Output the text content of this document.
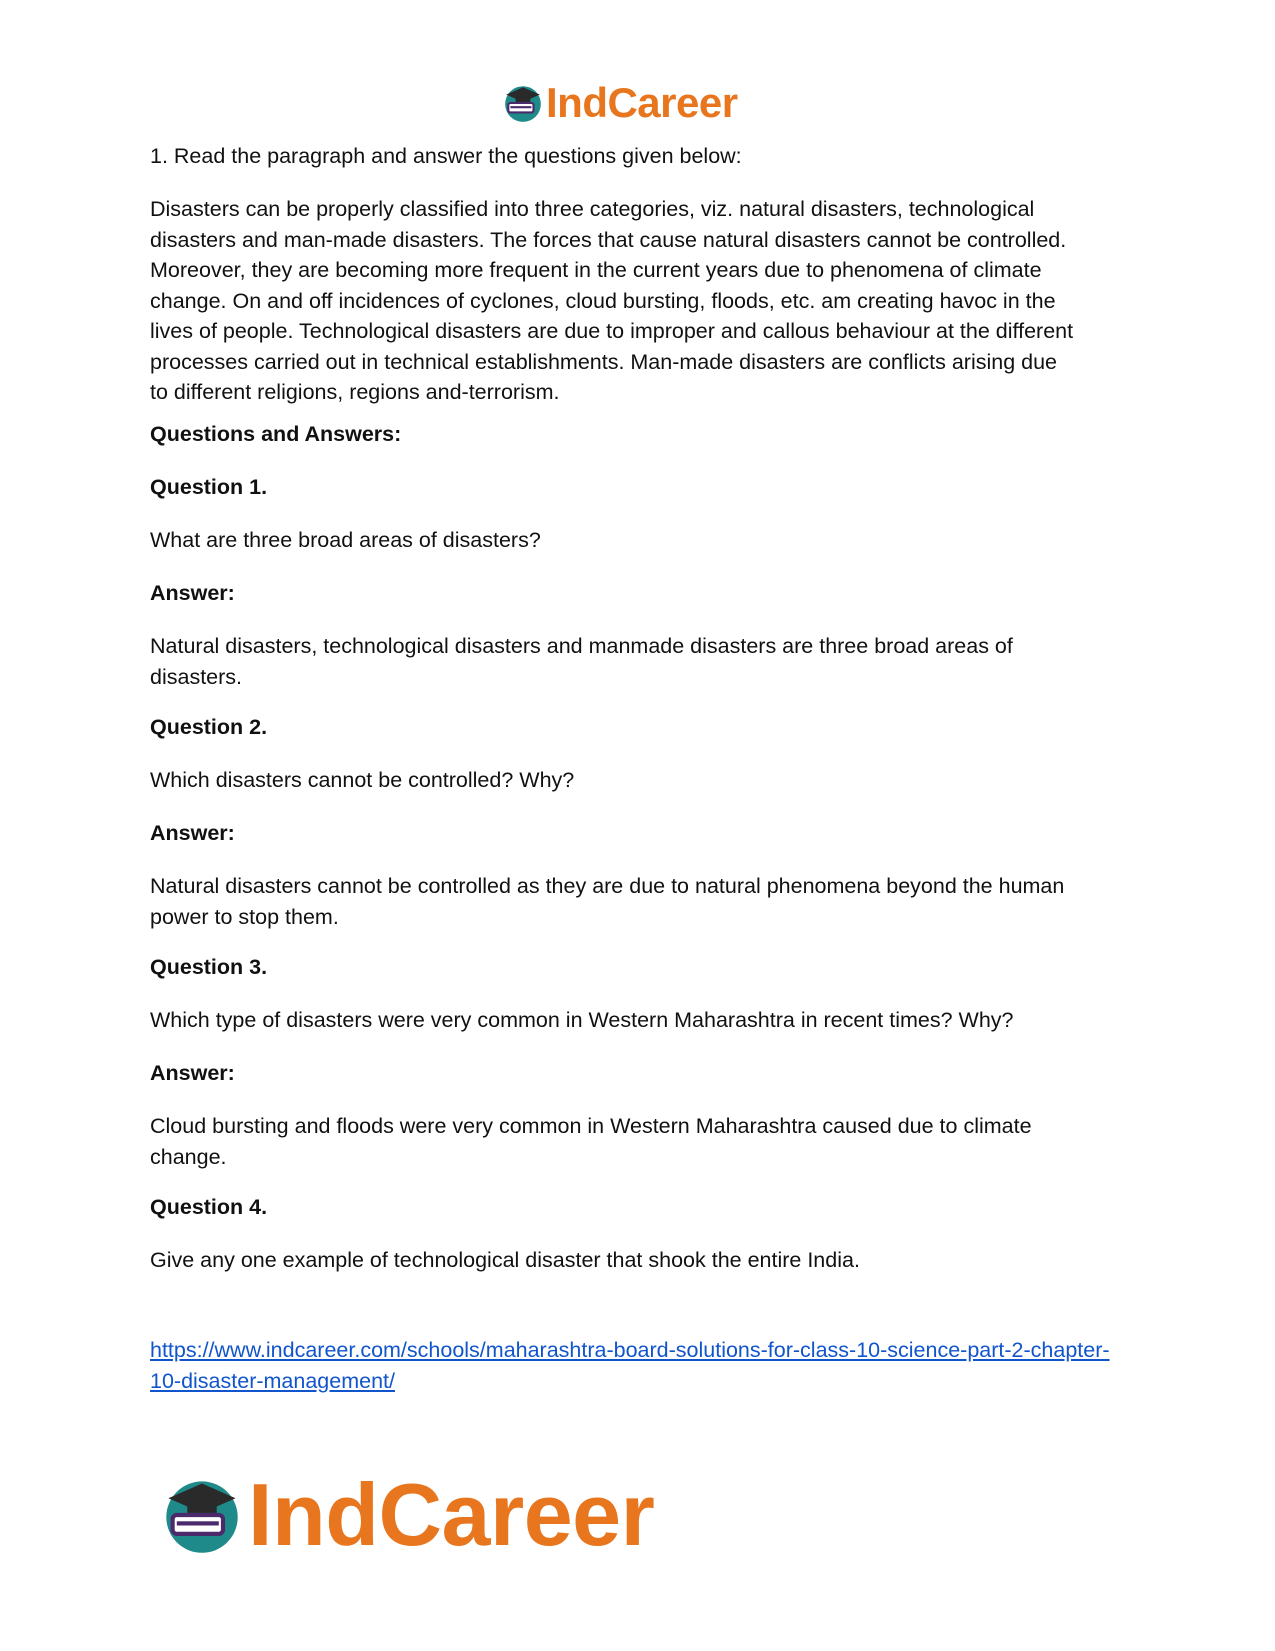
IndCareer

1. Read the paragraph and answer the questions given below:

Disasters can be properly classified into three categories, viz. natural disasters, technological disasters and man-made disasters. The forces that cause natural disasters cannot be controlled. Moreover, they are becoming more frequent in the current years due to phenomena of climate change. On and off incidences of cyclones, cloud bursting, floods, etc. am creating havoc in the lives of people. Technological disasters are due to improper and callous behaviour at the different processes carried out in technical establishments. Man-made disasters are conflicts arising due to different religions, regions and-terrorism.

Questions and Answers:

Question 1.

What are three broad areas of disasters?

Answer:

Natural disasters, technological disasters and manmade disasters are three broad areas of disasters.

Question 2.

Which disasters cannot be controlled? Why?

Answer:

Natural disasters cannot be controlled as they are due to natural phenomena beyond the human power to stop them.

Question 3.

Which type of disasters were very common in Western Maharashtra in recent times? Why?

Answer:

Cloud bursting and floods were very common in Western Maharashtra caused due to climate change.

Question 4.

Give any one example of technological disaster that shook the entire India.

https://www.indcareer.com/schools/maharashtra-board-solutions-for-class-10-science-part-2-chapter-10-disaster-management/

IndCareer
